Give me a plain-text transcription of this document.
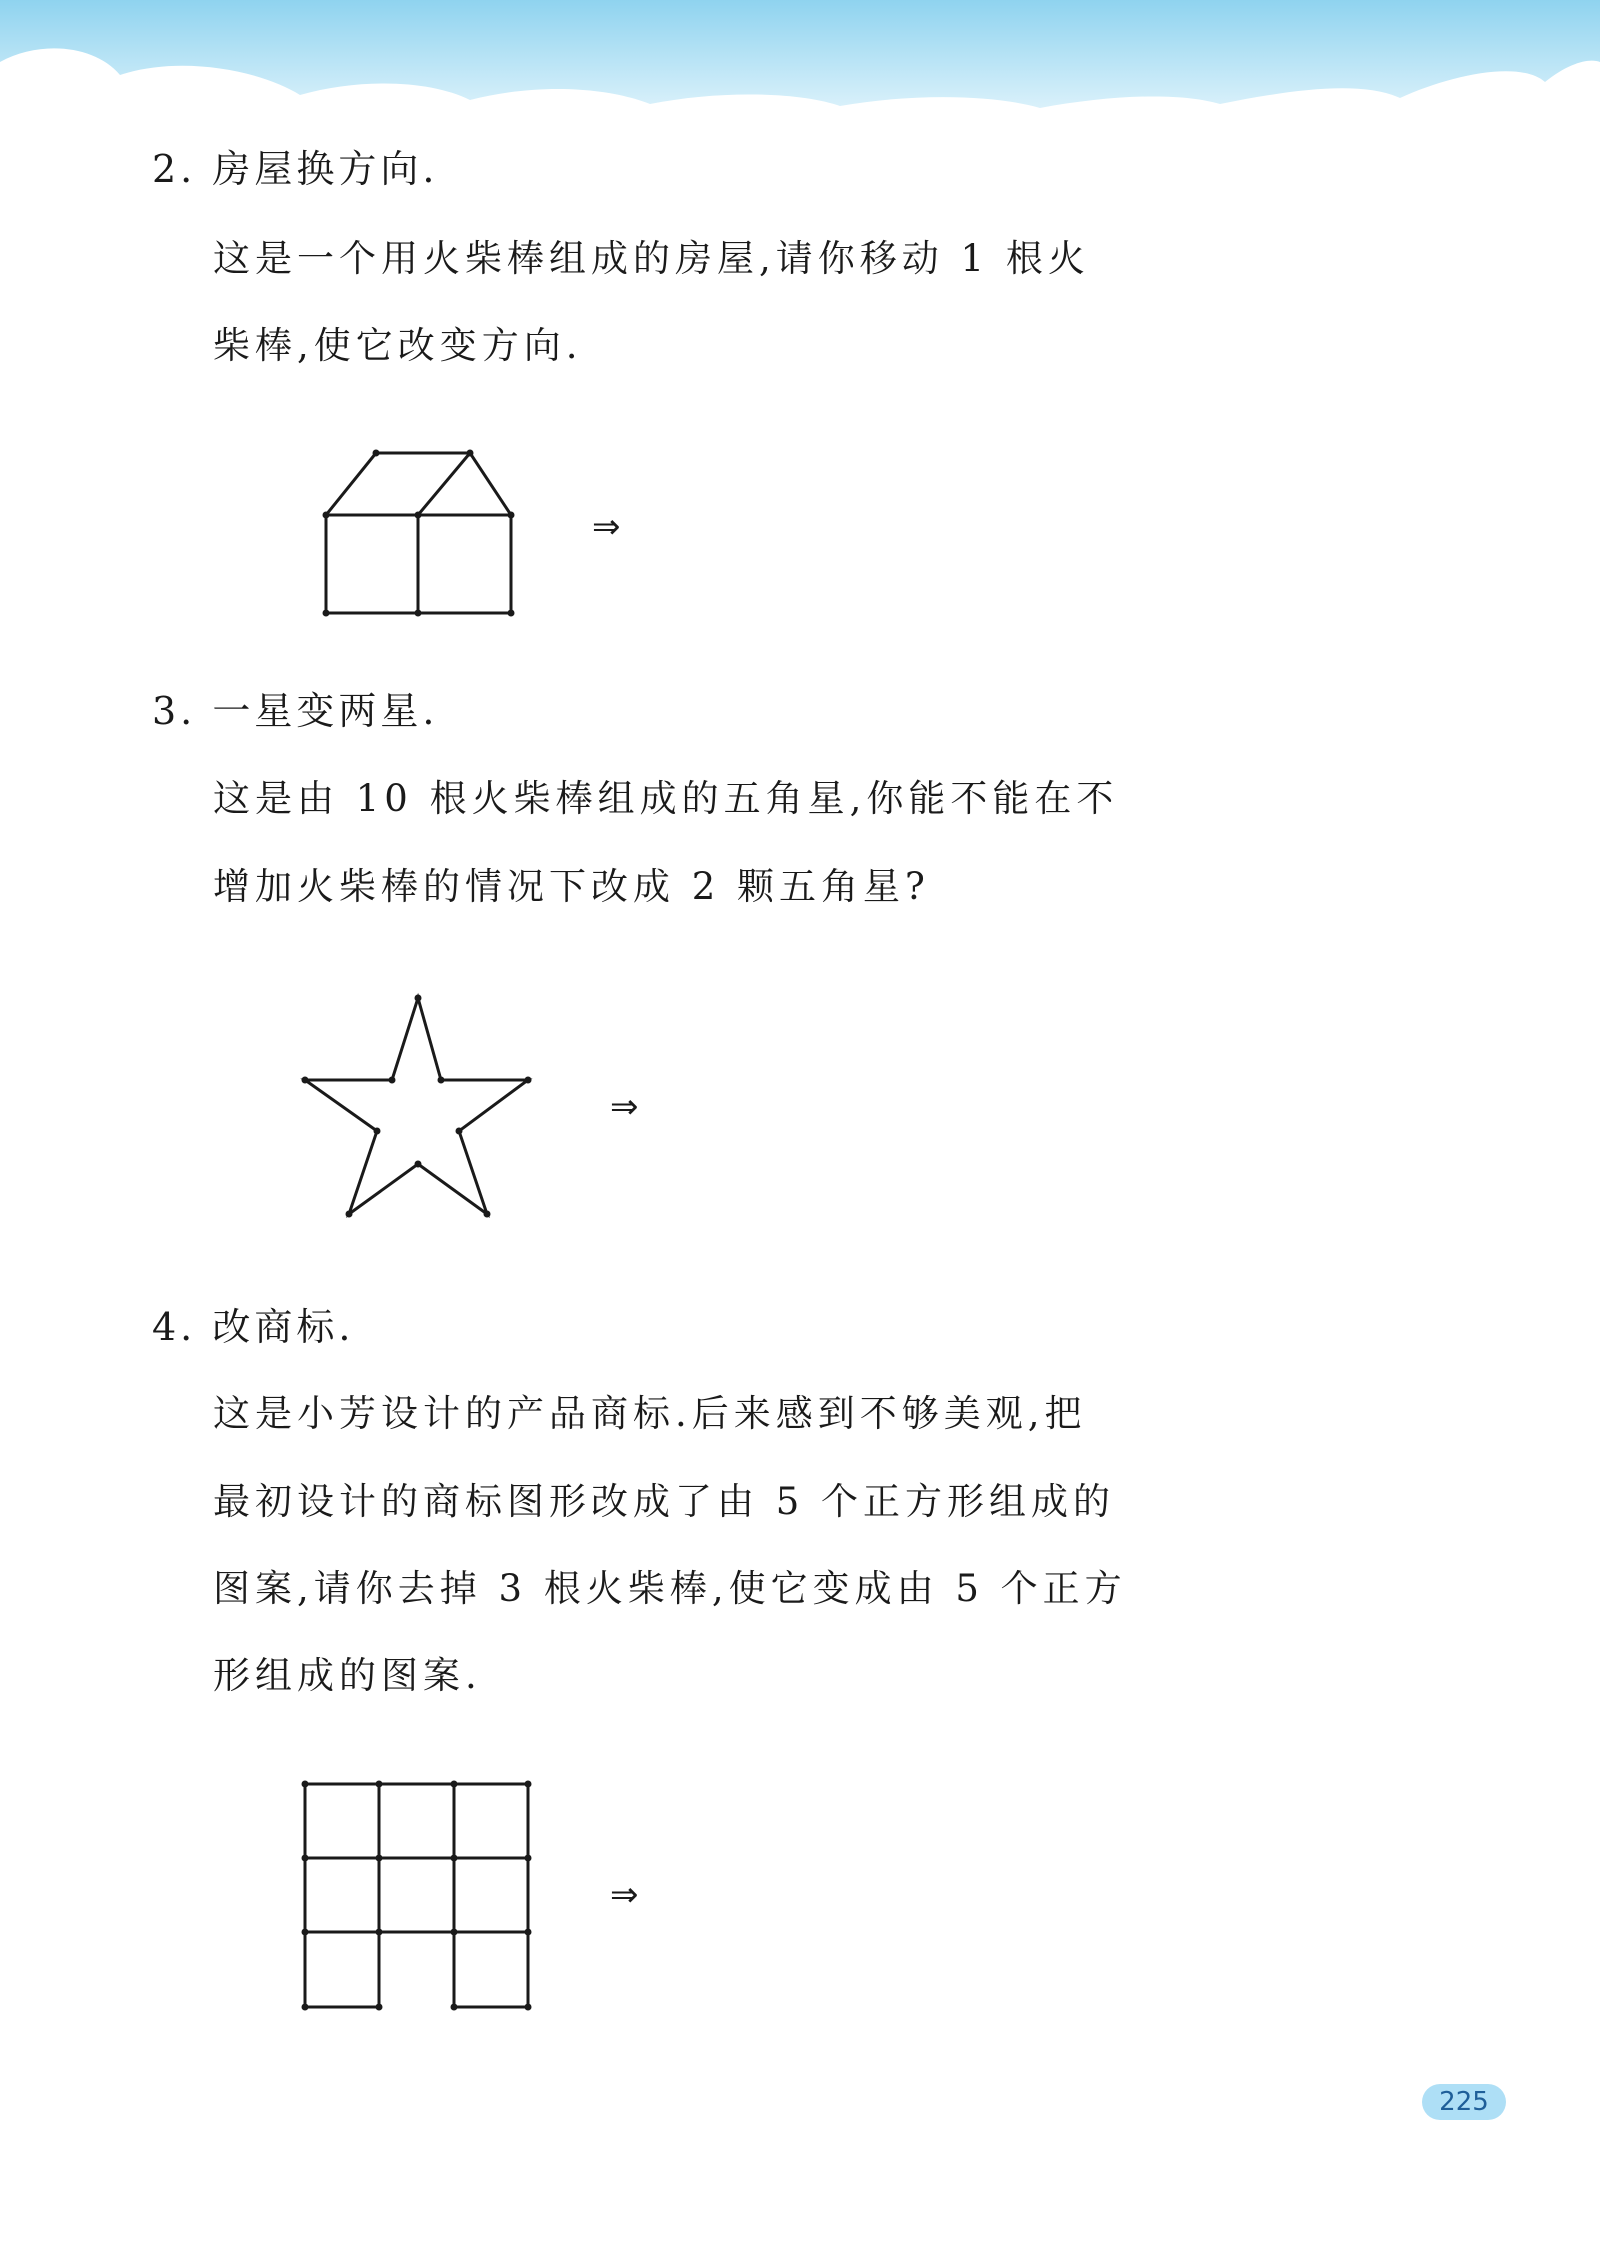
2. 房屋换方向.

这是一个用火柴棒组成的房屋,请你移动 1 根火

柴棒,使它改变方向.

⇒

3. 一星变两星.

这是由 10 根火柴棒组成的五角星,你能不能在不

增加火柴棒的情况下改成 2 颗五角星?

⇒

4. 改商标.

这是小芳设计的产品商标.后来感到不够美观,把

最初设计的商标图形改成了由 5 个正方形组成的

图案,请你去掉 3 根火柴棒,使它变成由 5 个正方

形组成的图案.

⇒
225
